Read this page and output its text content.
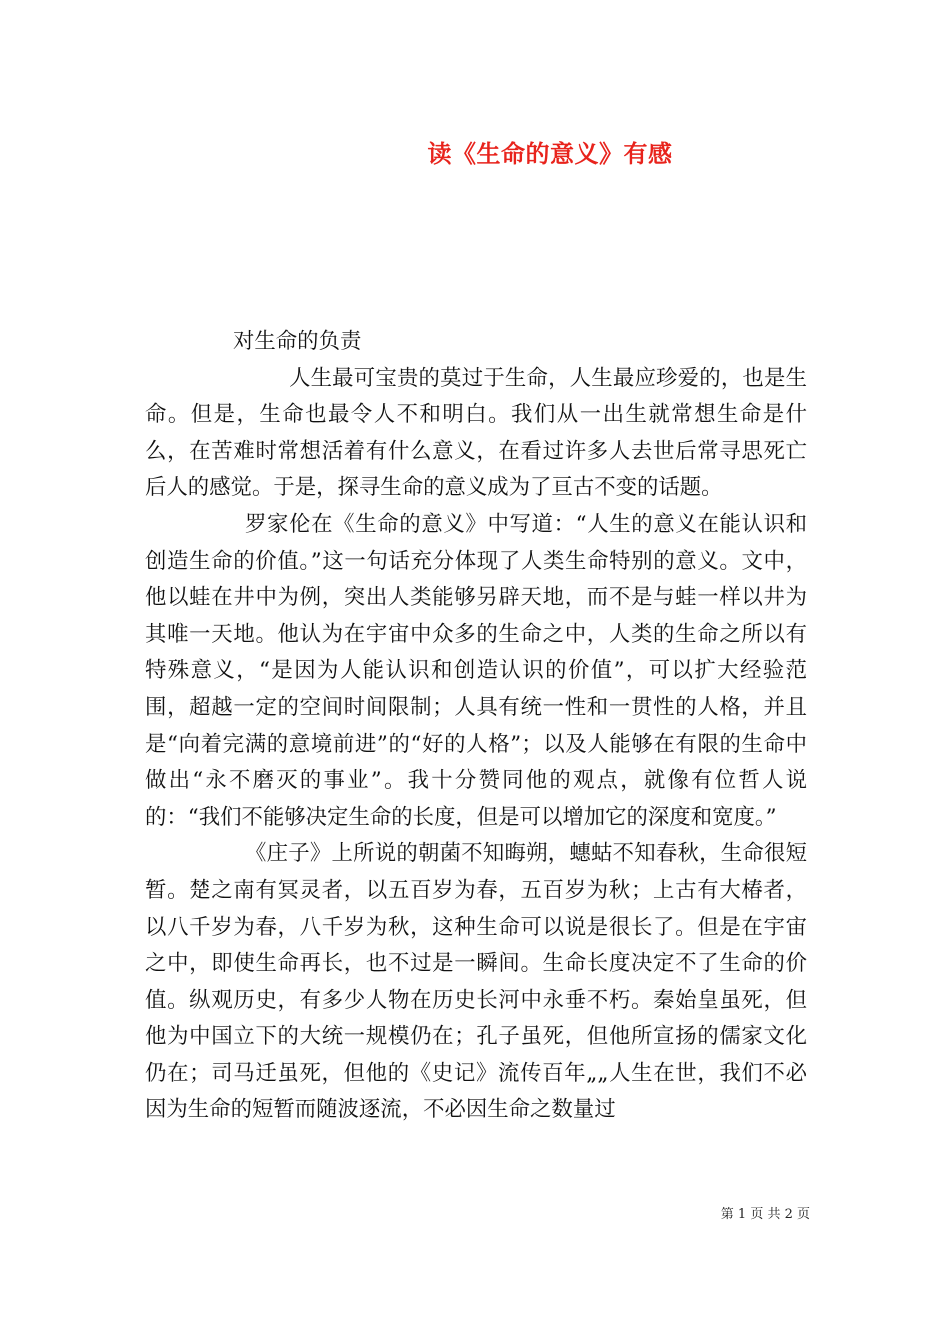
读《生命的意义》有感

对生命的负责

人生最可宝贵的莫过于生命，人生最应珍爱的，也是生命。但是，生命也最令人不和明白。我们从一出生就常想生命是什么，在苦难时常想活着有什么意义，在看过许多人去世后常寻思死亡后人的感觉。于是，探寻生命的意义成为了亘古不变的话题。

罗家伦在《生命的意义》中写道：“人生的意义在能认识和创造生命的价值。”这一句话充分体现了人类生命特别的意义。文中，他以蛙在井中为例，突出人类能够另辟天地，而不是与蛙一样以井为其唯一天地。他认为在宇宙中众多的生命之中，人类的生命之所以有特殊意义，“是因为人能认识和创造认识的价值”，可以扩大经验范围，超越一定的空间时间限制；人具有统一性和一贯性的人格，并且是“向着完满的意境前进”的“好的人格”；以及人能够在有限的生命中做出“永不磨灭的事业”。我十分赞同他的观点，就像有位哲人说的：“我们不能够决定生命的长度，但是可以增加它的深度和宽度。”

《庄子》上所说的朝菌不知晦朔，蟪蛄不知春秋，生命很短暂。楚之南有冥灵者，以五百岁为春，五百岁为秋；上古有大椿者，以八千岁为春，八千岁为秋，这种生命可以说是很长了。但是在宇宙之中，即使生命再长，也不过是一瞬间。生命长度决定不了生命的价值。纵观历史，有多少人物在历史长河中永垂不朽。秦始皇虽死，但他为中国立下的大统一规模仍在；孔子虽死，但他所宣扬的儒家文化仍在；司马迁虽死，但他的《史记》流传百年„„人生在世，我们不必因为生命的短暂而随波逐流，不必因生命之数量过

第 1 页 共 2 页
